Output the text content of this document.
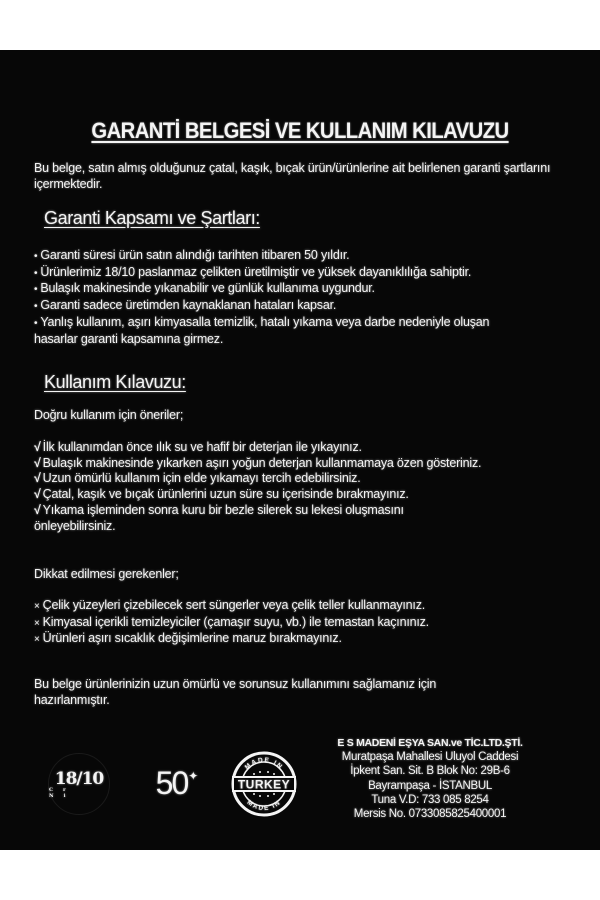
GARANTİ BELGESİ VE KULLANIM KILAVUZU
Bu belge, satın almış olduğunuz çatal, kaşık, bıçak ürün/ürünlerine ait belirlenen garanti şartlarını içermektedir.
Garanti Kapsamı ve Şartları:
• Garanti süresi ürün satın alındığı tarihten itibaren 50 yıldır.
• Ürünlerimiz 18/10 paslanmaz çelikten üretilmiştir ve yüksek dayanıklılığa sahiptir.
• Bulaşık makinesinde yıkanabilir ve günlük kullanıma uygundur.
• Garanti sadece üretimden kaynaklanan hataları kapsar.
• Yanlış kullanım, aşırı kimyasalla temizlik, hatalı yıkama veya darbe nedeniyle oluşan hasarlar garanti kapsamına girmez.
Kullanım Kılavuzu:
Doğru kullanım için öneriler;
√ İlk kullanımdan önce ılık su ve hafif bir deterjan ile yıkayınız.
√ Bulaşık makinesinde yıkarken aşırı yoğun deterjan kullanmamaya özen gösteriniz.
√ Uzun ömürlü kullanım için elde yıkamayı tercih edebilirsiniz.
√ Çatal, kaşık ve bıçak ürünlerini uzun süre su içerisinde bırakmayınız.
√ Yıkama işleminden sonra kuru bir bezle silerek su lekesi oluşmasını önleyebilirsiniz.
Dikkat edilmesi gerekenler;
× Çelik yüzeyleri çizebilecek sert süngerler veya çelik teller kullanmayınız.
× Kimyasal içerikli temizleyiciler (çamaşır suyu, vb.) ile temastan kaçınınız.
× Ürünleri aşırı sıcaklık değişimlerine maruz bırakmayınız.
Bu belge ürünlerinizin uzun ömürlü ve sorunsuz kullanımını sağlamanız için hazırlanmıştır.
18/10
Cr Ni	50 ✦
MADE IN
MADE IN
TURKEY
E S MADENİ EŞYA SAN.ve TİC.LTD.ŞTİ.
Muratpaşa Mahallesi Uluyol Caddesi
İpkent San. Sit. B Blok No: 29B-6
Bayrampaşa - İSTANBUL
Tuna V.D: 733 085 8254
Mersis No. 0733085825400001
